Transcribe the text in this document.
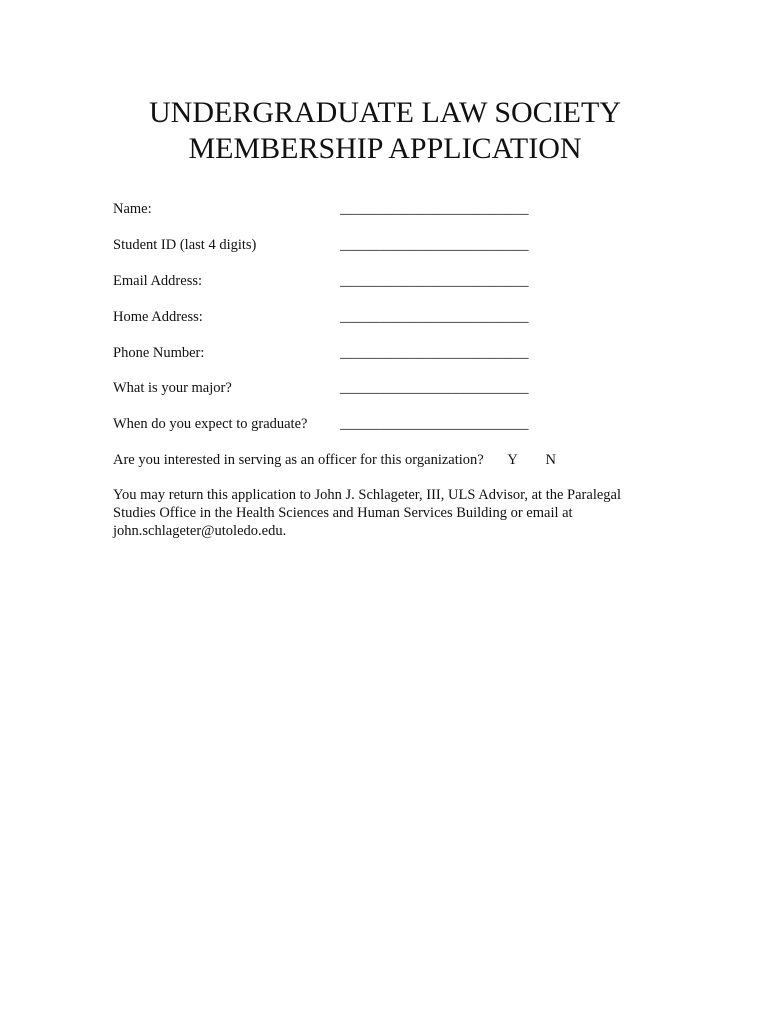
UNDERGRADUATE LAW SOCIETY
MEMBERSHIP APPLICATION
Name:	__________________________
Student ID (last 4 digits)	__________________________
Email Address:	__________________________
Home Address:	__________________________
Phone Number:	__________________________
What is your major?	__________________________
When do you expect to graduate? __________________________
Are you interested in serving as an officer for this organization? Y N

You may return this application to John J. Schlageter, III, ULS Advisor, at the Paralegal Studies Office in the Health Sciences and Human Services Building or email at john.schlageter@utoledo.edu.
